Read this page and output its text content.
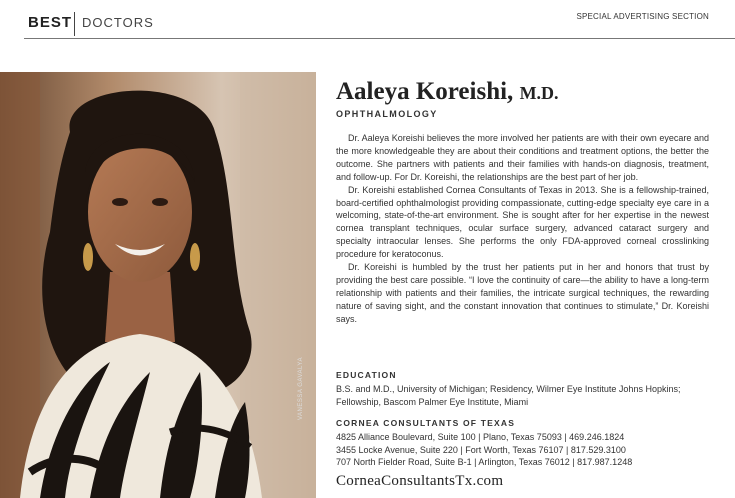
BEST DOCTORS	SPECIAL ADVERTISING SECTION
VANESSA GAVALYA
Aaleya Koreishi, M.D.
OPHTHALMOLOGY

Dr. Aaleya Koreishi believes the more involved her patients are with their own eyecare and the more knowledgeable they are about their conditions and treatment options, the better the outcome. She partners with patients and their families with hands-on diagnosis, treatment, and follow-up. For Dr. Koreishi, the relationships are the best part of her job.

Dr. Koreishi established Cornea Consultants of Texas in 2013. She is a fellowship-trained, board-certified ophthalmologist providing compassionate, cutting-edge specialty eye care in a welcoming, state-of-the-art environment. She is sought after for her expertise in the newest cornea transplant techniques, ocular surface surgery, advanced cataract surgery and specialty intraocular lenses. She performs the only FDA-approved corneal crosslinking procedure for keratoconus.

Dr. Koreishi is humbled by the trust her patients put in her and honors that trust by providing the best care possible. “I love the continuity of care—the ability to have a long-term relationship with patients and their families, the intricate surgical techniques, the rewarding nature of saving sight, and the constant innovation that continues to stimulate,” Dr. Koreishi says.

EDUCATION
B.S. and M.D., University of Michigan; Residency, Wilmer Eye Institute Johns Hopkins; Fellowship, Bascom Palmer Eye Institute, Miami
CORNEA CONSULTANTS OF TEXAS
4825 Alliance Boulevard, Suite 100 | Plano, Texas 75093 | 469.246.1824
3455 Locke Avenue, Suite 220 | Fort Worth, Texas 76107 | 817.529.3100
707 North Fielder Road, Suite B-1 | Arlington, Texas 76012 | 817.987.1248
CorneaConsultantsTx.com
